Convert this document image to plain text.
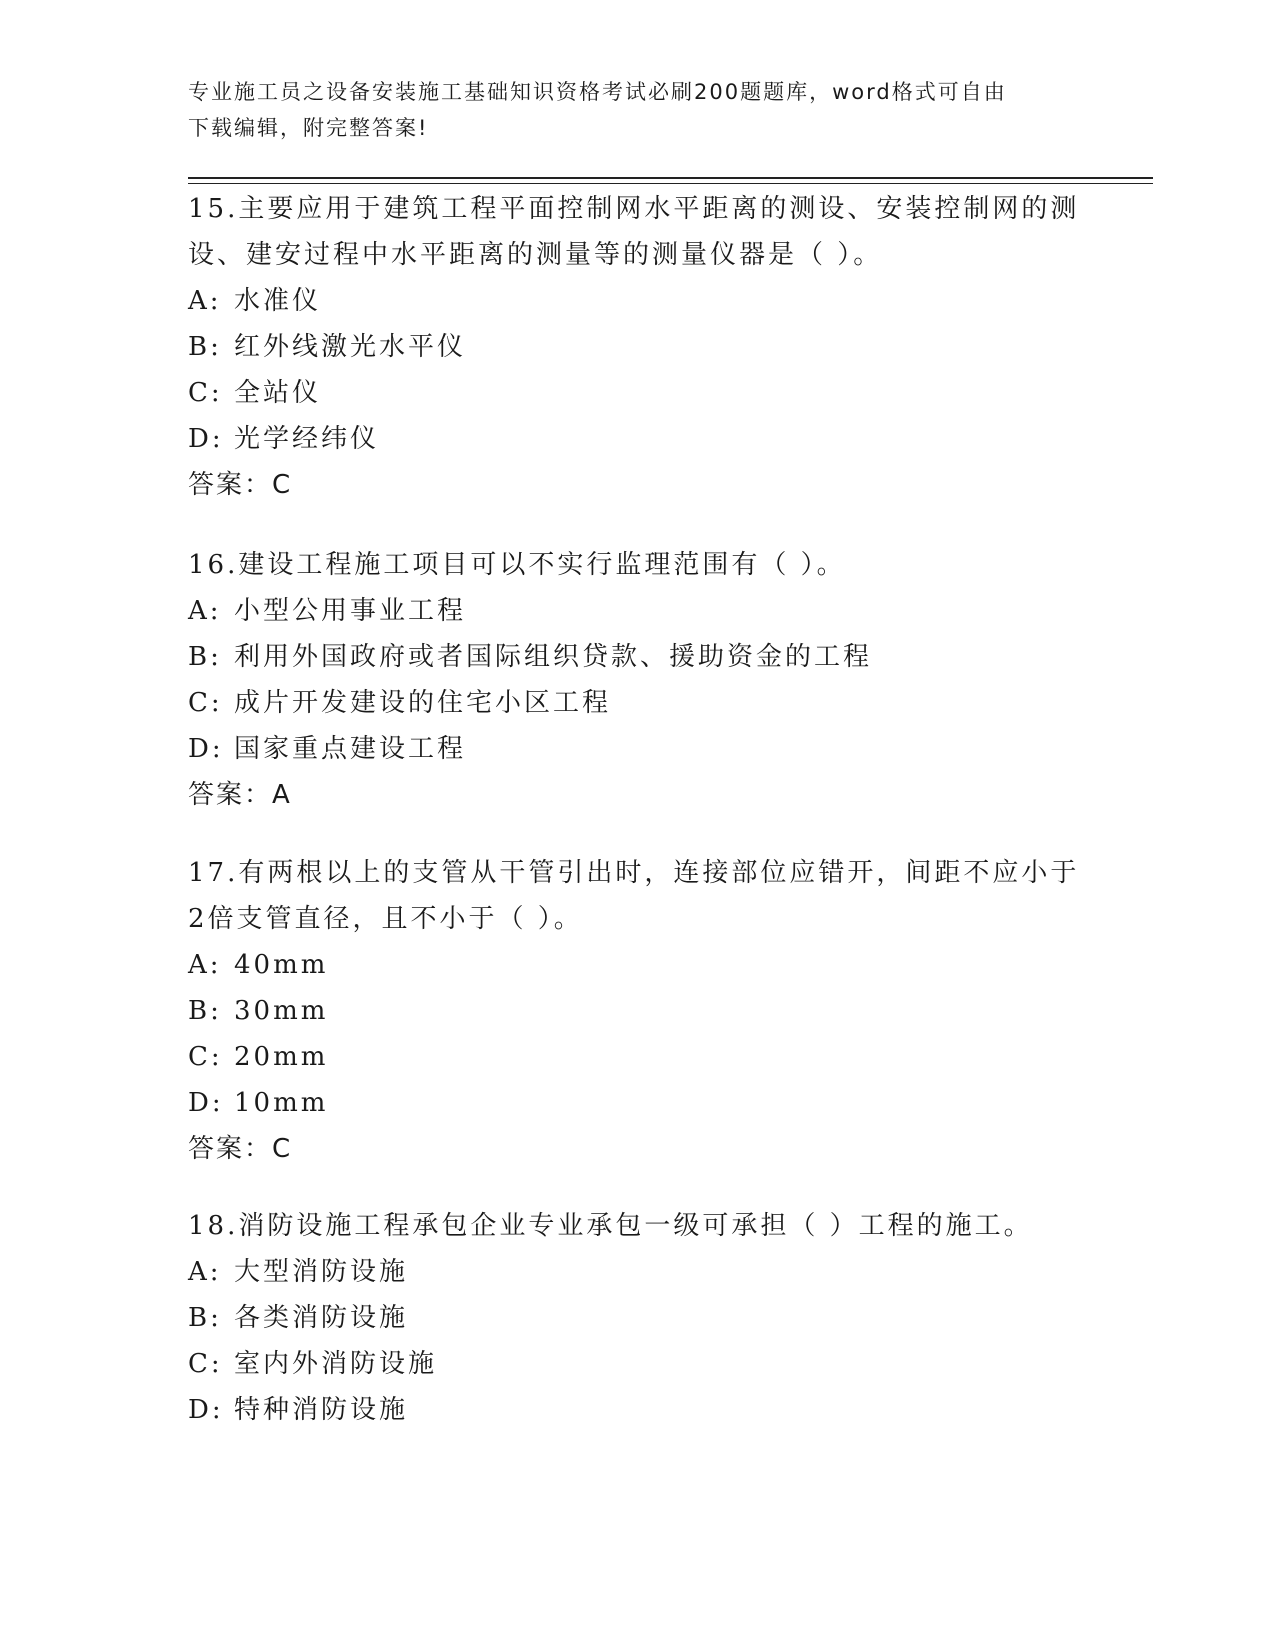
专业施工员之设备安装施工基础知识资格考试必刷200题题库，word格式可自由
下载编辑，附完整答案!

15.主要应用于建筑工程平面控制网水平距离的测设、安装控制网的测
设、建安过程中水平距离的测量等的测量仪器是（ ）。

A: 水准仪

B: 红外线激光水平仪

C: 全站仪

D: 光学经纬仪

答案：C

16.建设工程施工项目可以不实行监理范围有（ ）。

A: 小型公用事业工程

B: 利用外国政府或者国际组织贷款、援助资金的工程

C: 成片开发建设的住宅小区工程

D: 国家重点建设工程

答案：A

17.有两根以上的支管从干管引出时，连接部位应错开，间距不应小于
2倍支管直径，且不小于（ ）。

A: 40mm

B: 30mm

C: 20mm

D: 10mm

答案：C

18.消防设施工程承包企业专业承包一级可承担（ ）工程的施工。

A: 大型消防设施

B: 各类消防设施

C: 室内外消防设施

D: 特种消防设施
